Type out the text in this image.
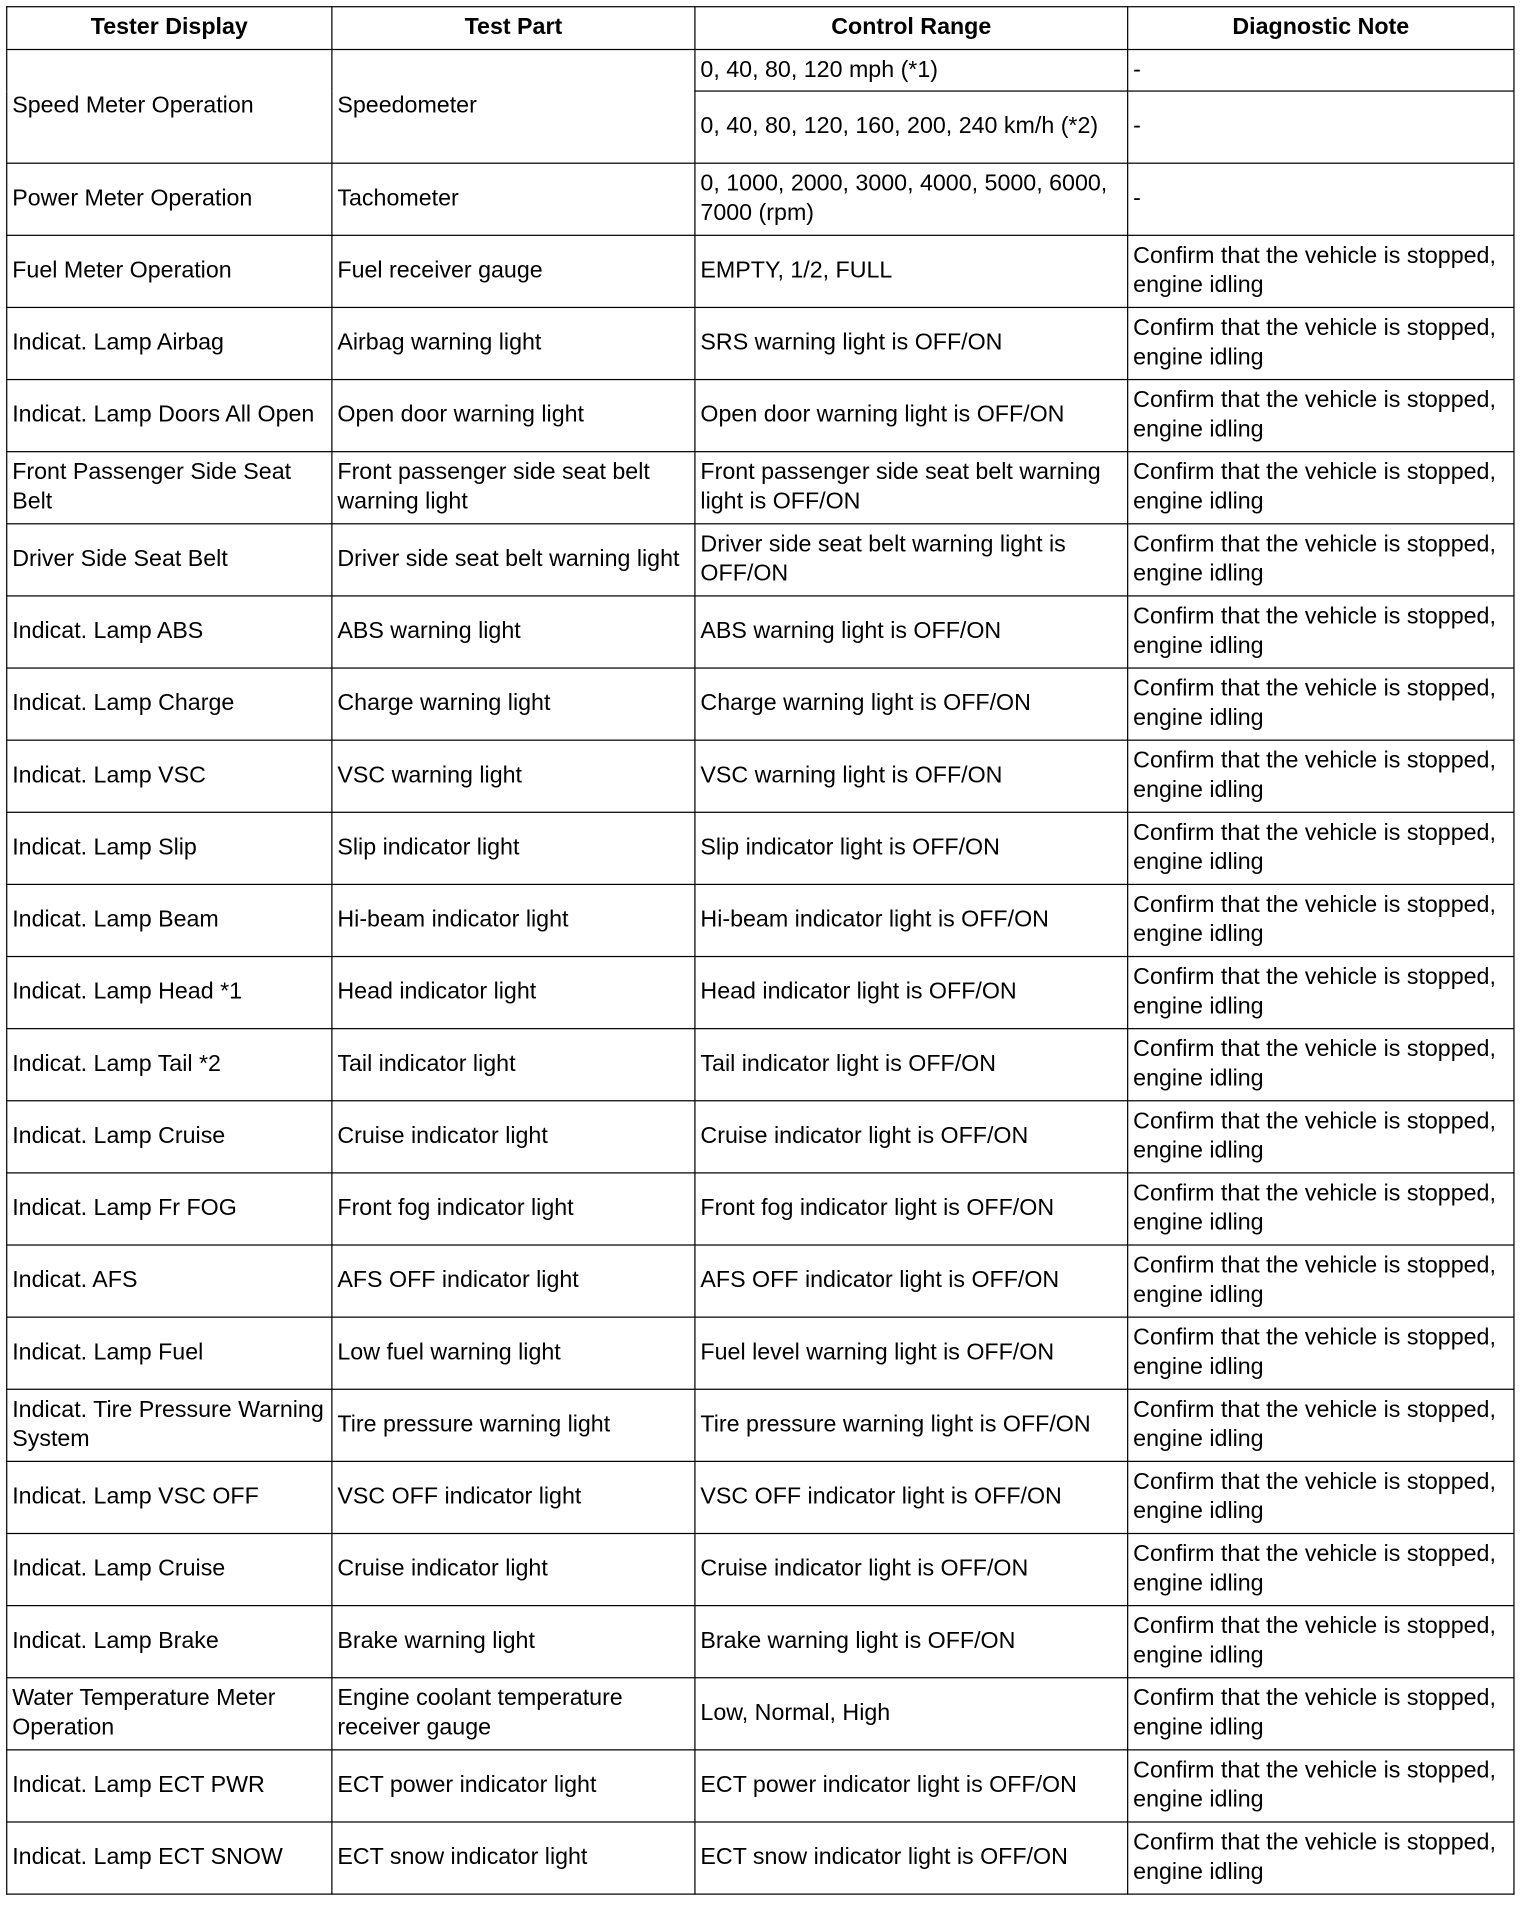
Tester Display	Test Part	Control Range	Diagnostic Note
Speed Meter Operation	Speedometer	0, 40, 80, 120 mph (*1)	-
		0, 40, 80, 120, 160, 200, 240 km/h (*2)	-
Power Meter Operation	Tachometer	0, 1000, 2000, 3000, 4000, 5000, 6000, 7000 (rpm)	-
Fuel Meter Operation	Fuel receiver gauge	EMPTY, 1/2, FULL	Confirm that the vehicle is stopped, engine idling
Indicat. Lamp Airbag	Airbag warning light	SRS warning light is OFF/ON	Confirm that the vehicle is stopped, engine idling
Indicat. Lamp Doors All Open	Open door warning light	Open door warning light is OFF/ON	Confirm that the vehicle is stopped, engine idling
Front Passenger Side Seat Belt	Front passenger side seat belt warning light	Front passenger side seat belt warning light is OFF/ON	Confirm that the vehicle is stopped, engine idling
Driver Side Seat Belt	Driver side seat belt warning light	Driver side seat belt warning light is OFF/ON	Confirm that the vehicle is stopped, engine idling
Indicat. Lamp ABS	ABS warning light	ABS warning light is OFF/ON	Confirm that the vehicle is stopped, engine idling
Indicat. Lamp Charge	Charge warning light	Charge warning light is OFF/ON	Confirm that the vehicle is stopped, engine idling
Indicat. Lamp VSC	VSC warning light	VSC warning light is OFF/ON	Confirm that the vehicle is stopped, engine idling
Indicat. Lamp Slip	Slip indicator light	Slip indicator light is OFF/ON	Confirm that the vehicle is stopped, engine idling
Indicat. Lamp Beam	Hi-beam indicator light	Hi-beam indicator light is OFF/ON	Confirm that the vehicle is stopped, engine idling
Indicat. Lamp Head *1	Head indicator light	Head indicator light is OFF/ON	Confirm that the vehicle is stopped, engine idling
Indicat. Lamp Tail *2	Tail indicator light	Tail indicator light is OFF/ON	Confirm that the vehicle is stopped, engine idling
Indicat. Lamp Cruise	Cruise indicator light	Cruise indicator light is OFF/ON	Confirm that the vehicle is stopped, engine idling
Indicat. Lamp Fr FOG	Front fog indicator light	Front fog indicator light is OFF/ON	Confirm that the vehicle is stopped, engine idling
Indicat. AFS	AFS OFF indicator light	AFS OFF indicator light is OFF/ON	Confirm that the vehicle is stopped, engine idling
Indicat. Lamp Fuel	Low fuel warning light	Fuel level warning light is OFF/ON	Confirm that the vehicle is stopped, engine idling
Indicat. Tire Pressure Warning System	Tire pressure warning light	Tire pressure warning light is OFF/ON	Confirm that the vehicle is stopped, engine idling
Indicat. Lamp VSC OFF	VSC OFF indicator light	VSC OFF indicator light is OFF/ON	Confirm that the vehicle is stopped, engine idling
Indicat. Lamp Cruise	Cruise indicator light	Cruise indicator light is OFF/ON	Confirm that the vehicle is stopped, engine idling
Indicat. Lamp Brake	Brake warning light	Brake warning light is OFF/ON	Confirm that the vehicle is stopped, engine idling
Water Temperature Meter Operation	Engine coolant temperature receiver gauge	Low, Normal, High	Confirm that the vehicle is stopped, engine idling
Indicat. Lamp ECT PWR	ECT power indicator light	ECT power indicator light is OFF/ON	Confirm that the vehicle is stopped, engine idling
Indicat. Lamp ECT SNOW	ECT snow indicator light	ECT snow indicator light is OFF/ON	Confirm that the vehicle is stopped, engine idling
